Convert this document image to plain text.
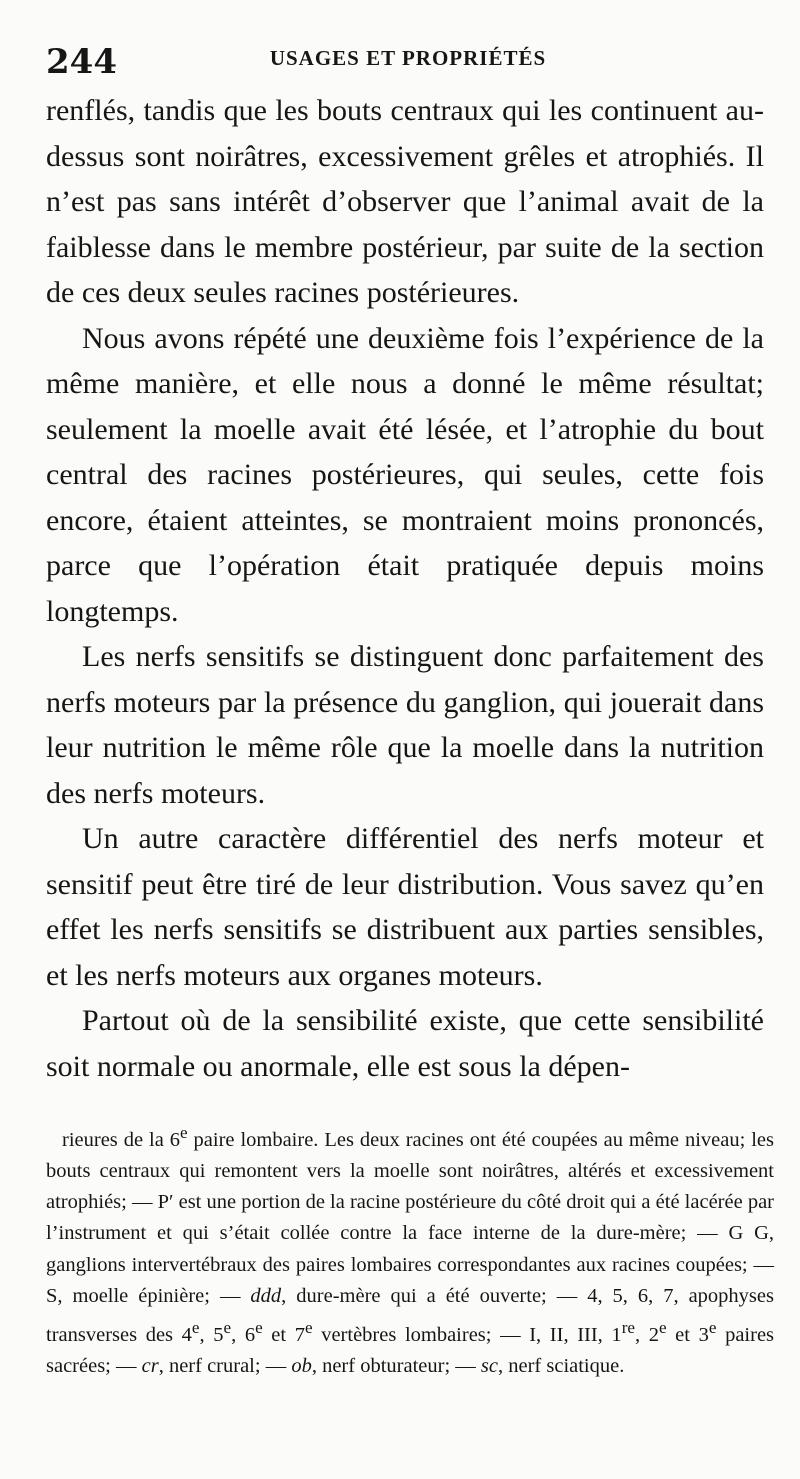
244	USAGES ET PROPRIÉTÉS

renflés, tandis que les bouts centraux qui les continuent au-dessus sont noirâtres, excessivement grêles et atrophiés. Il n’est pas sans intérêt d’observer que l’animal avait de la faiblesse dans le membre postérieur, par suite de la section de ces deux seules racines postérieures.

Nous avons répété une deuxième fois l’expérience de la même manière, et elle nous a donné le même résultat; seulement la moelle avait été lésée, et l’atrophie du bout central des racines postérieures, qui seules, cette fois encore, étaient atteintes, se montraient moins prononcés, parce que l’opération était pratiquée depuis moins longtemps.

Les nerfs sensitifs se distinguent donc parfaitement des nerfs moteurs par la présence du ganglion, qui jouerait dans leur nutrition le même rôle que la moelle dans la nutrition des nerfs moteurs.

Un autre caractère différentiel des nerfs moteur et sensitif peut être tiré de leur distribution. Vous savez qu’en effet les nerfs sensitifs se distribuent aux parties sensibles, et les nerfs moteurs aux organes moteurs.

Partout où de la sensibilité existe, que cette sensibilité soit normale ou anormale, elle est sous la dépen-

rieures de la 6e paire lombaire. Les deux racines ont été coupées au même niveau; les bouts centraux qui remontent vers la moelle sont noirâtres, altérés et excessivement atrophiés; — P′ est une portion de la racine postérieure du côté droit qui a été lacérée par l’instrument et qui s’était collée contre la face interne de la dure-mère; — G G, ganglions intervertébraux des paires lombaires correspondantes aux racines coupées; — S, moelle épinière; — ddd, dure-mère qui a été ouverte; — 4, 5, 6, 7, apophyses transverses des 4e, 5e, 6e et 7e vertèbres lombaires; — I, II, III, 1re, 2e et 3e paires sacrées; — cr, nerf crural; — ob, nerf obturateur; — sc, nerf sciatique.
